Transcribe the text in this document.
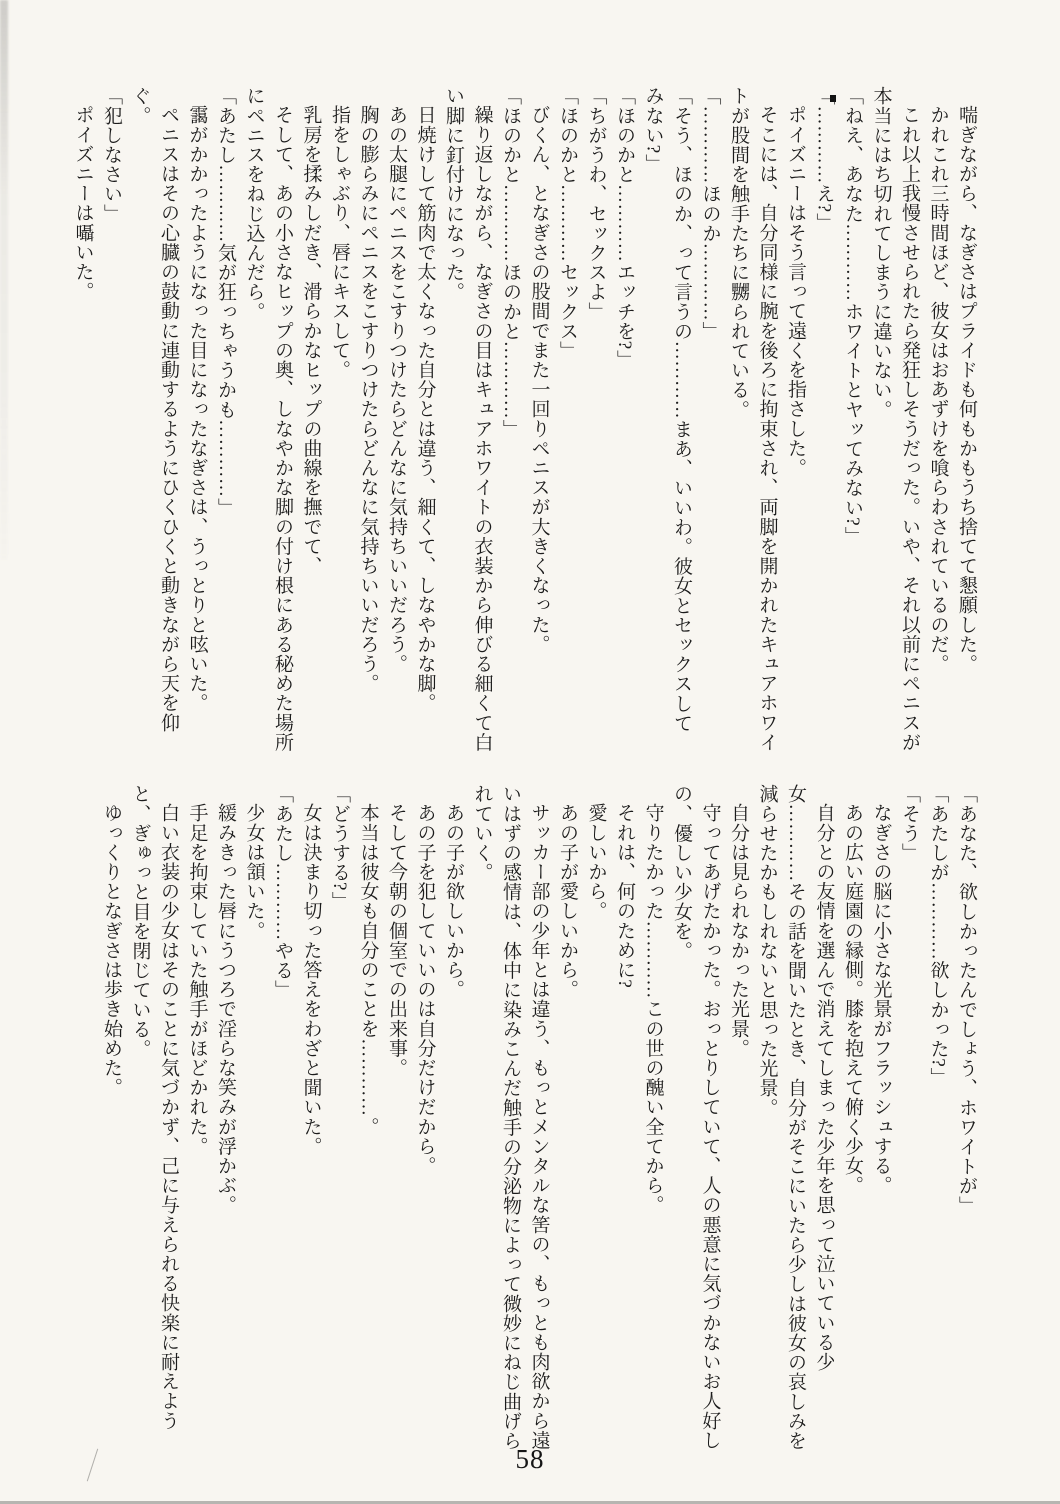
喘ぎながら、なぎさはプライドも何もかもうち捨てて懇願した。

かれこれ三時間ほど、彼女はおあずけを喰らわされているのだ。

これ以上我慢させられたら発狂しそうだった。いや、それ以前にペニスが本当にはち切れてしまうに違いない。

「ねえ、あなた…………ホワイトとヤッてみない?」

「…………え?」

ポイズニーはそう言って遠くを指さした。

そこには、自分同様に腕を後ろに拘束され、両脚を開かれたキュアホワイトが股間を触手たちに嬲られている。

「…………ほのか…………」

「そう、ほのか、って言うの…………まあ、いいわ。彼女とセックスしてみない?」

「ほのかと…………エッチを?」

「ちがうわ、セックスよ」

「ほのかと…………セックス」

びくん、となぎさの股間でまた一回りペニスが大きくなった。

「ほのかと…………ほのかと…………」

繰り返しながら、なぎさの目はキュアホワイトの衣装から伸びる細くて白い脚に釘付けになった。

日焼けして筋肉で太くなった自分とは違う、細くて、しなやかな脚。

あの太腿にペニスをこすりつけたらどんなに気持ちいいだろう。

胸の膨らみにペニスをこすりつけたらどんなに気持ちいいだろう。

指をしゃぶり、唇にキスして。

乳房を揉みしだき、滑らかなヒップの曲線を撫でて、

そして、あの小さなヒップの奥、しなやかな脚の付け根にある秘めた場所にペニスをねじ込んだら。

「あたし…………気が狂っちゃうかも…………」

靄がかかったようになった目になったなぎさは、うっとりと呟いた。

ペニスはその心臓の鼓動に連動するようにひくひくと動きながら天を仰ぐ。

「犯しなさい」

ポイズニーは囁いた。

「あなた、欲しかったんでしょう、ホワイトが」

「あたしが…………欲しかった?」

「そう」

なぎさの脳に小さな光景がフラッシュする。

あの広い庭園の縁側。膝を抱えて俯く少女。

自分との友情を選んで消えてしまった少年を思って泣いている少女…………その話を聞いたとき、自分がそこにいたら少しは彼女の哀しみを減らせたかもしれないと思った光景。

自分は見られなかった光景。

守ってあげたかった。おっとりしていて、人の悪意に気づかないお人好しの、優しい少女を。

守りたかった…………この世の醜い全てから。

それは、何のために?

愛しいから。

あの子が愛しいから。

サッカー部の少年とは違う、もっとメンタルな筈の、もっとも肉欲から遠いはずの感情は、体中に染みこんだ触手の分泌物によって微妙にねじ曲げられていく。

あの子が欲しいから。

あの子を犯していいのは自分だけだから。

そして今朝の個室での出来事。

本当は彼女も自分のことを…………。

「どうする?」

女は決まり切った答えをわざと聞いた。

「あたし…………やる」

少女は頷いた。

緩みきった唇にうつろで淫らな笑みが浮かぶ。

手足を拘束していた触手がほどかれた。

白い衣装の少女はそのことに気づかず、己に与えられる快楽に耐えようと、ぎゅっと目を閉じている。

ゆっくりとなぎさは歩き始めた。

58
